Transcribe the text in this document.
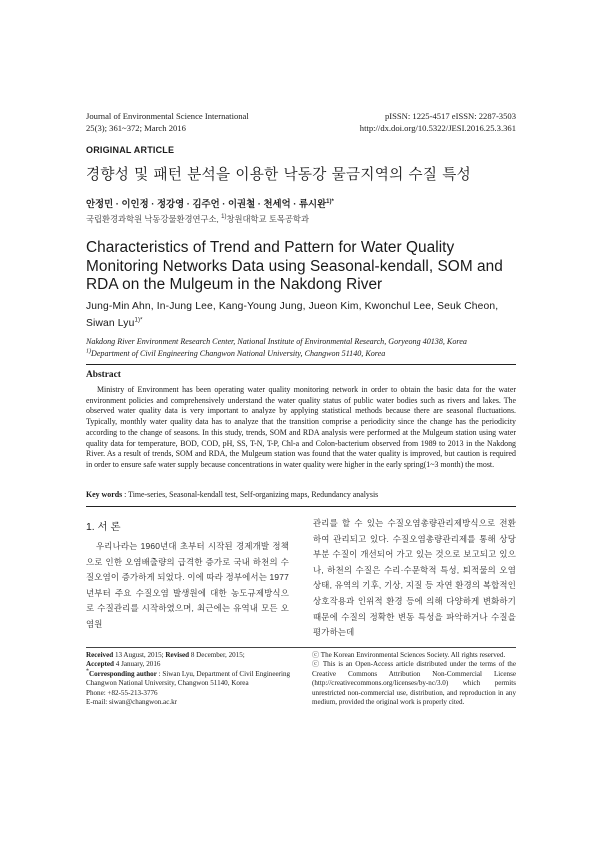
Journal of Environmental Science International
25(3); 361~372; March 2016
pISSN: 1225-4517 eISSN: 2287-3503
http://dx.doi.org/10.5322/JESI.2016.25.3.361
ORIGINAL ARTICLE
경향성 및 패턴 분석을 이용한 낙동강 물금지역의 수질 특성
안정민 · 이인정 · 정강영 · 김주언 · 이권철 · 천세억 · 류시완$^{1)*}$
국립환경과학원 낙동강물환경연구소, $^{1)}$창원대학교 토목공학과
Characteristics of Trend and Pattern for Water Quality Monitoring Networks Data using Seasonal-kendall, SOM and RDA on the Mulgeum in the Nakdong River
Jung-Min Ahn, In-Jung Lee, Kang-Young Jung, Jueon Kim, Kwonchul Lee, Seuk Cheon, Siwan Lyu$^{1)*}$
Nakdong River Environment Research Center, National Institute of Environmental Research, Goryeong 40138, Korea
$^{1)}$Department of Civil Engineering Changwon National University, Changwon 51140, Korea
Abstract
Ministry of Environment has been operating water quality monitoring network in order to obtain the basic data for the water environment policies and comprehensively understand the water quality status of public water bodies such as rivers and lakes. The observed water quality data is very important to analyze by applying statistical methods because there are seasonal fluctuations. Typically, monthly water quality data has to analyze that the transition comprise a periodicity since the change has the periodicity according to the change of seasons. In this study, trends, SOM and RDA analysis were performed at the Mulgeum station using water quality data for temperature, BOD, COD, pH, SS, T-N, T-P, Chl-a and Colon-bacterium observed from 1989 to 2013 in the Nakdong River. As a result of trends, SOM and RDA, the Mulgeum station was found that the water quality is improved, but caution is required in order to ensure safe water supply because concentrations in water quality were higher in the early spring(1~3 month) the most.
Key words : Time-series, Seasonal-kendall test, Self-organizing maps, Redundancy analysis
1. 서 론
우리나라는 1960년대 초부터 시작된 경제개발 정책으로 인한 오염배출량의 급격한 증가로 국내 하천의 수질오염이 증가하게 되었다. 이에 따라 정부에서는 1977년부터 주요 수질오염 발생원에 대한 농도규제방식으로 수질관리를 시작하였으며, 최근에는 유역내 모든 오염원
관리를 할 수 있는 수질오염총량관리제방식으로 전환하여 관리되고 있다. 수질오염총량관리제를 통해 상당부분 수질이 개선되어 가고 있는 것으로 보고되고 있으나, 하천의 수질은 수리·수문학적 특성, 퇴적물의 오염상태, 유역의 기후, 기상, 지질 등 자연 환경의 복합적인 상호작용과 인위적 환경 등에 의해 다양하게 변화하기 때문에 수질의 정확한 변동 특성을 파악하거나 수질을 평가하는데
Received 13 August, 2015; Revised 8 December, 2015;
Accepted 4 January, 2016
*Corresponding author : Siwan Lyu, Department of Civil Engineering Changwon National University, Changwon 51140, Korea
Phone: +82-55-213-3776
E-mail: siwan@changwon.ac.kr
ⓒ The Korean Environmental Sciences Society. All rights reserved.
ⓒ This is an Open-Access article distributed under the terms of the Creative Commons Attribution Non-Commercial License (http://creativecommons.org/licenses/by-nc/3.0) which permits unrestricted non-commercial use, distribution, and reproduction in any medium, provided the original work is properly cited.
